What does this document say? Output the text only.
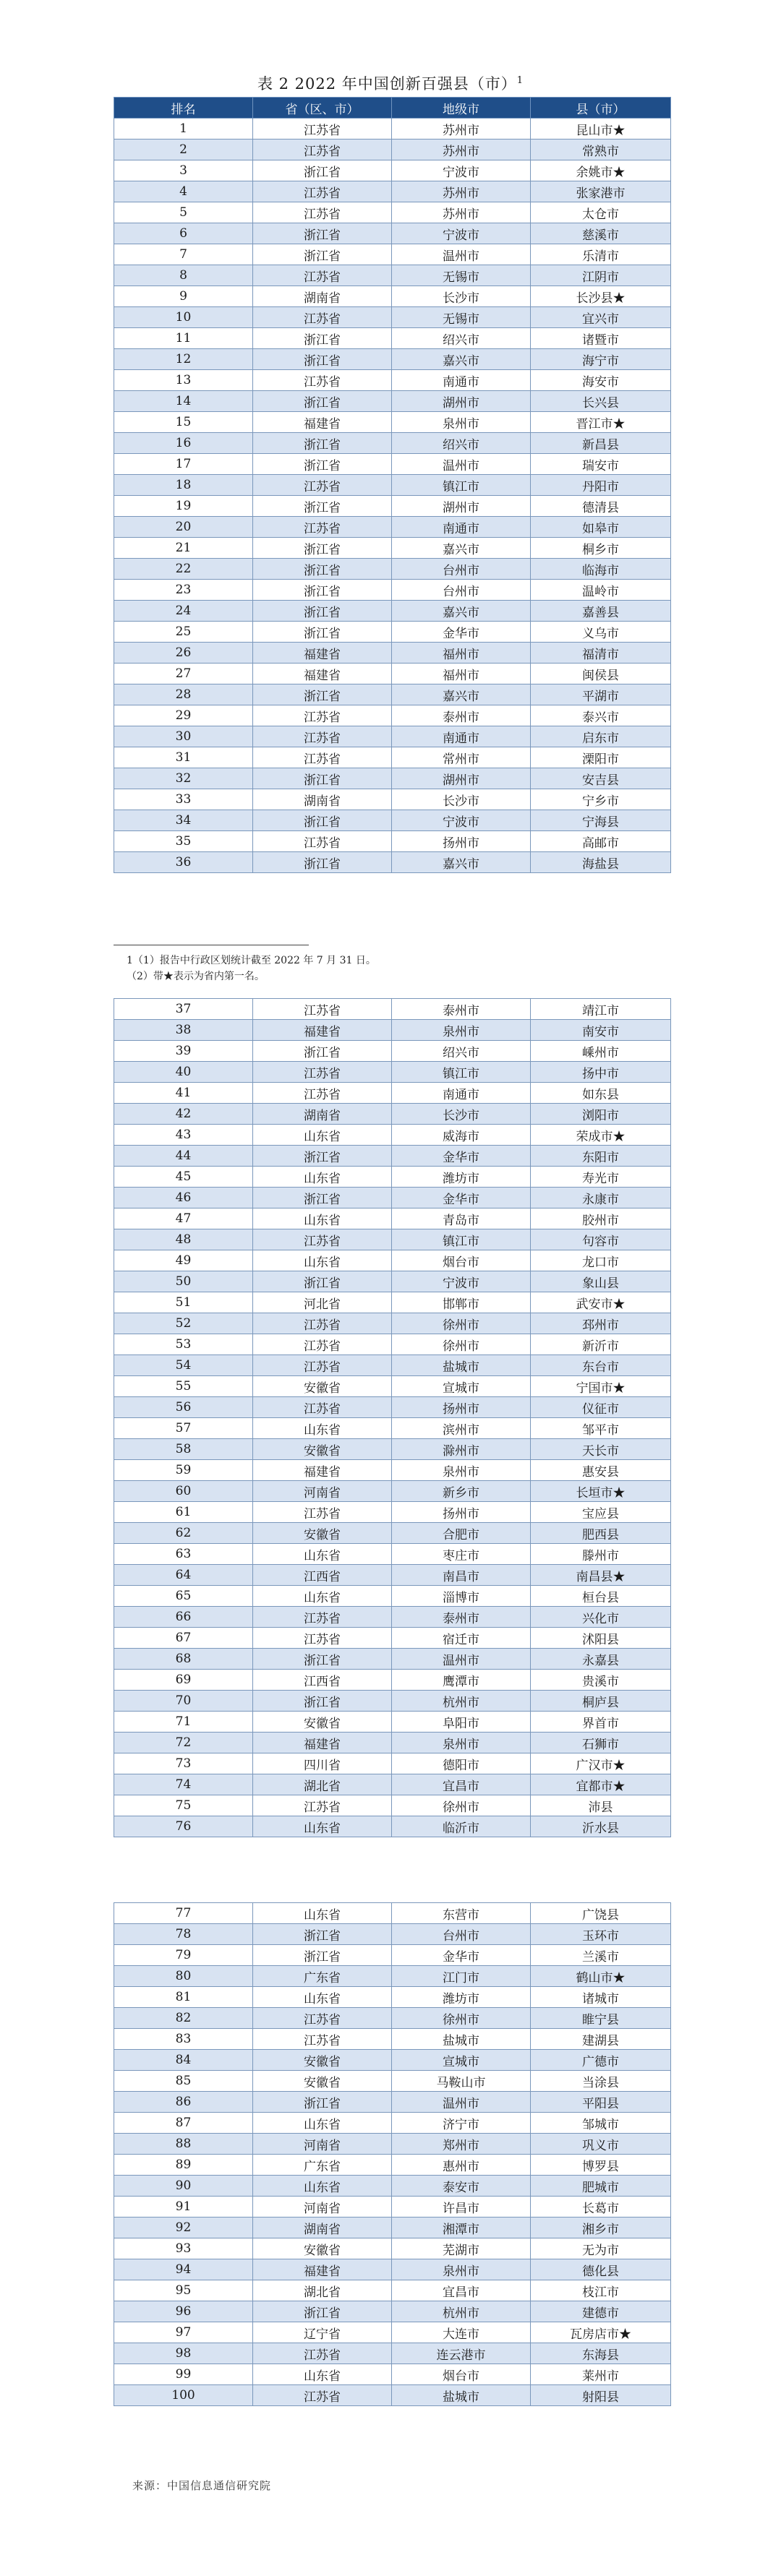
表 2 2022 年中国创新百强县（市）$^1$
排名	省（区、市）	地级市	县（市）
1	江苏省	苏州市	昆山市★
2	江苏省	苏州市	常熟市
3	浙江省	宁波市	余姚市★
4	江苏省	苏州市	张家港市
5	江苏省	苏州市	太仓市
6	浙江省	宁波市	慈溪市
7	浙江省	温州市	乐清市
8	江苏省	无锡市	江阴市
9	湖南省	长沙市	长沙县★
10	江苏省	无锡市	宜兴市
11	浙江省	绍兴市	诸暨市
12	浙江省	嘉兴市	海宁市
13	江苏省	南通市	海安市
14	浙江省	湖州市	长兴县
15	福建省	泉州市	晋江市★
16	浙江省	绍兴市	新昌县
17	浙江省	温州市	瑞安市
18	江苏省	镇江市	丹阳市
19	浙江省	湖州市	德清县
20	江苏省	南通市	如皋市
21	浙江省	嘉兴市	桐乡市
22	浙江省	台州市	临海市
23	浙江省	台州市	温岭市
24	浙江省	嘉兴市	嘉善县
25	浙江省	金华市	义乌市
26	福建省	福州市	福清市
27	福建省	福州市	闽侯县
28	浙江省	嘉兴市	平湖市
29	江苏省	泰州市	泰兴市
30	江苏省	南通市	启东市
31	江苏省	常州市	溧阳市
32	浙江省	湖州市	安吉县
33	湖南省	长沙市	宁乡市
34	浙江省	宁波市	宁海县
35	江苏省	扬州市	高邮市
36	浙江省	嘉兴市	海盐县
1（1）报告中行政区划统计截至 2022 年 7 月 31 日。
（2）带★表示为省内第一名。
37	江苏省	泰州市	靖江市
38	福建省	泉州市	南安市
39	浙江省	绍兴市	嵊州市
40	江苏省	镇江市	扬中市
41	江苏省	南通市	如东县
42	湖南省	长沙市	浏阳市
43	山东省	威海市	荣成市★
44	浙江省	金华市	东阳市
45	山东省	潍坊市	寿光市
46	浙江省	金华市	永康市
47	山东省	青岛市	胶州市
48	江苏省	镇江市	句容市
49	山东省	烟台市	龙口市
50	浙江省	宁波市	象山县
51	河北省	邯郸市	武安市★
52	江苏省	徐州市	邳州市
53	江苏省	徐州市	新沂市
54	江苏省	盐城市	东台市
55	安徽省	宣城市	宁国市★
56	江苏省	扬州市	仪征市
57	山东省	滨州市	邹平市
58	安徽省	滁州市	天长市
59	福建省	泉州市	惠安县
60	河南省	新乡市	长垣市★
61	江苏省	扬州市	宝应县
62	安徽省	合肥市	肥西县
63	山东省	枣庄市	滕州市
64	江西省	南昌市	南昌县★
65	山东省	淄博市	桓台县
66	江苏省	泰州市	兴化市
67	江苏省	宿迁市	沭阳县
68	浙江省	温州市	永嘉县
69	江西省	鹰潭市	贵溪市
70	浙江省	杭州市	桐庐县
71	安徽省	阜阳市	界首市
72	福建省	泉州市	石狮市
73	四川省	德阳市	广汉市★
74	湖北省	宜昌市	宜都市★
75	江苏省	徐州市	沛县
76	山东省	临沂市	沂水县
77	山东省	东营市	广饶县
78	浙江省	台州市	玉环市
79	浙江省	金华市	兰溪市
80	广东省	江门市	鹤山市★
81	山东省	潍坊市	诸城市
82	江苏省	徐州市	睢宁县
83	江苏省	盐城市	建湖县
84	安徽省	宣城市	广德市
85	安徽省	马鞍山市	当涂县
86	浙江省	温州市	平阳县
87	山东省	济宁市	邹城市
88	河南省	郑州市	巩义市
89	广东省	惠州市	博罗县
90	山东省	泰安市	肥城市
91	河南省	许昌市	长葛市
92	湖南省	湘潭市	湘乡市
93	安徽省	芜湖市	无为市
94	福建省	泉州市	德化县
95	湖北省	宜昌市	枝江市
96	浙江省	杭州市	建德市
97	辽宁省	大连市	瓦房店市★
98	江苏省	连云港市	东海县
99	山东省	烟台市	莱州市
100	江苏省	盐城市	射阳县
来源：中国信息通信研究院
